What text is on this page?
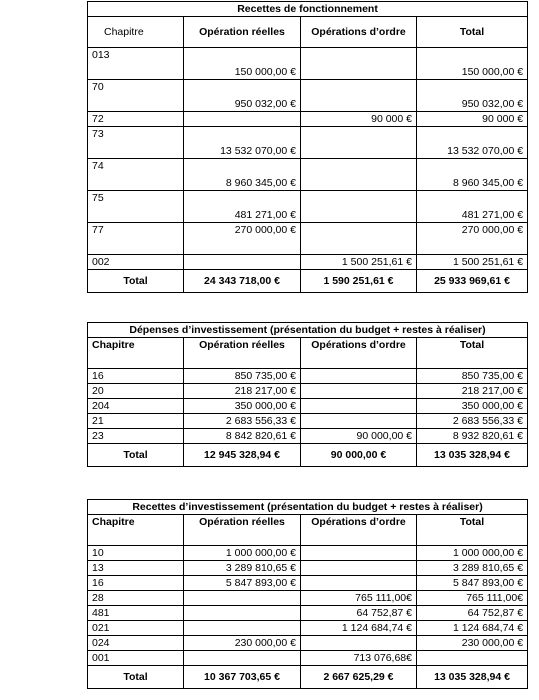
Recettes de fonctionnement			
Chapitre	Opération réelles	Opérations d’ordre	Total
013	150 000,00 €		150 000,00 €
70	950 032,00 €		950 032,00 €
72		90 000 €	90 000 €
73	13 532 070,00 €		13 532 070,00 €
74	8 960 345,00 €		8 960 345,00 €
75	481 271,00 €		481 271,00 €
77	270 000,00 €		270 000,00 €
002		1 500 251,61 €	1 500 251,61 €
Total	24 343 718,00 €	1 590 251,61 €	25 933 969,61 €
Dépenses d’investissement (présentation du budget + restes à réaliser)			
Chapitre	Opération réelles	Opérations d’ordre	Total
16	850 735,00 €		850 735,00 €
20	218 217,00 €		218 217,00 €
204	350 000,00 €		350 000,00 €
21	2 683 556,33 €		2 683 556,33 €
23	8 842 820,61 €	90 000,00 €	8 932 820,61 €
Total	12 945 328,94 €	90 000,00 €	13 035 328,94 €
Recettes d’investissement (présentation du budget + restes à réaliser)			
Chapitre	Opération réelles	Opérations d’ordre	Total
10	1 000 000,00 €		1 000 000,00 €
13	3 289 810,65 €		3 289 810,65 €
16	5 847 893,00 €		5 847 893,00 €
28		765 111,00€	765 111,00€
481		64 752,87 €	64 752,87 €
021		1 124 684,74 €	1 124 684,74 €
024	230 000,00 €		230 000,00 €
001		713 076,68€	
Total	10 367 703,65 €	2 667 625,29 €	13 035 328,94 €
